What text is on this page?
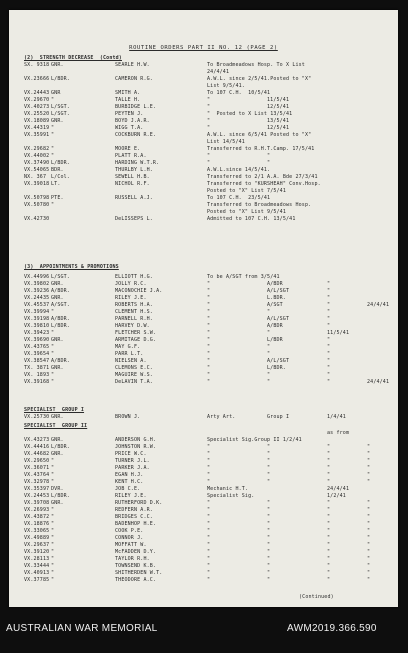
ROUTINE ORDERS PART II NO. 12 (PAGE 2)
(2)  STRENGTH DECREASE  (Contd)
SX. 9318 GNR.	SEARLE H.W.	To Broadmeadows Hosp. To X List
24/4/41
VX.23666 L/BDR.	CAMERON R.G.	A.W.L. since 2/5/41.Posted to "X"
List 9/5/41.
VX.24443 GNR	SMITH A.	To 107 C.H.  10/5/41
VX.29670 "	TALLE H.	"	11/5/41
VX.40273 L/SGT.	BURBIDGE L.E.	"	12/5/41
VX.25520 L/SGT.	PEYTEN J.	"  Posted to X List 13/5/41
VX.18089 GNR.	BOYD J.A.R.	"	13/5/41
VX.44319 "	WIGG T.A.	"	12/5/41
VX.35991 "	COCKBURN R.E.	A.W.L. since 6/5/41 Posted to "X"
List 14/5/41
VX.29682 "	MOORE E.	Transferred to R.H.T.Camp. 17/5/41
VX.44002 "	PLATT R.A.	"	"
VX.37490 L/BDR.	HARDING W.T.R.	"	"
VX.54065 BDR.	THURLBY L.H.	A.W.L.since 14/5/41.
NX. 367 L/Col.	SEWELL H.B.	Transferred to 2/1 A.A. Bde 27/3/41
VX.39018 LT.	NICHOL R.F.	Transferred to "KURSHEAH" Conv.Hosp.
Posted to "X" List 7/5/41
VX.50798 PTE.	RUSSELL A.J.	To 107 C.H.  23/5/41
VX.50780 "	Transferred to Broadmeadows Hosp.
Posted to "X" List 9/5/41
VX.42730	DeLISSEPS L.	Admitted to 107 C.H. 13/5/41
VX.44996 L/SGT.	ELLIOTT H.G.	To be A/SGT from 3/5/41
VX.39802 GNR.	JOLLY R.C.	"	A/BDR	"
VX.39236 A/BDR.	MACONOCHIE J.A.	"	A/L/SGT	"
VX.24435 GNR.	RILEY J.E.	"	L.BDR.	"
VX.45537 A/SGT.	ROBERTS H.A.	"	A/SGT	"	24/4/41
VX.39994 "	CLEMENT H.S.	"	"	"
VX.39198 A/BDR.	PARNELL R.H.	"	A/L/SGT	"
VX.39810 L/BDR.	HARVEY D.W.	"	A/BDR	"
VX.39423 "	FLETCHER S.W.	"	"	11/5/41
VX.39690 GNR.	ARMITAGE D.G.	"	L/BDR	"
VX.43765 "	MAY G.F.	"	"	"
VX.39654 "	PARR L.T.	"	"	"
VX.38547 A/BDR.	NIELSEN A.	"	A/L/SGT	"
TX. 3871 GNR.	CLEMONS E.C.	"	L/BDR.	"
VX. 1893 "	MAGUIRE W.S.	"	"	"
VX.39168 "	DeLAVIN T.A.	"	"	"	24/4/41
VX.25730 GNR.	BROWN J.	Arty Art.	Group I	1/4/41
as from
VX.43273 GNR.	ANDERSON G.H.	Specialist Sig.Group II 1/2/41
VX.44416 L/BDR.	JOHNSTON R.W.	"	"	"	"
VX.44682 GNR.	PRICE W.C.	"	"	"	"
VX.29650 "	TURNER J.L.	"	"	"	"
VX.36071 "	PARKER J.A.	"	"	"	"
VX.43764 "	EGAN H.J.	"	"	"	"
VX.32978 "	KENT H.C.	"	"	"	"
VX.35397 DVR.	JOB C.E.	Mechanic H.T.	24/4/41
VX.24453 L/BDR.	RILEY J.E.	Specialist Sig.	1/2/41
VX.39708 GNR.	RUTHERFORD D.K.	"	"	"	"
VX.26993 "	REDFERN A.R.	"	"	"	"
VX.43872 "	BRIDGES C.C.	"	"	"	"
VX.18876 "	BADENHOP H.E.	"	"	"	"
VX.33065 "	COOK P.E.	"	"	"	"
VX.49889 "	CONNOR J.	"	"	"	"
VX.29637 "	MOFFATT W.	"	"	"	"
VX.39120 "	McFADDEN D.Y.	"	"	"	"
VX.28113 "	TAYLOR R.H.	"	"	"	"
VX.33444 "	TOWNSEND K.B.	"	"	"	"
VX.40913 "	SHITHERDEN W.T.	"	"	"	"
VX.37785 "	THEODORE A.C.	"	"	"	"
(3)  APPOINTMENTS & PROMOTIONS
SPECIALIST  GROUP I
SPECIALIST  GROUP II
(Continued)
AUSTRALIAN WAR MEMORIAL	AWM2019.366.590
